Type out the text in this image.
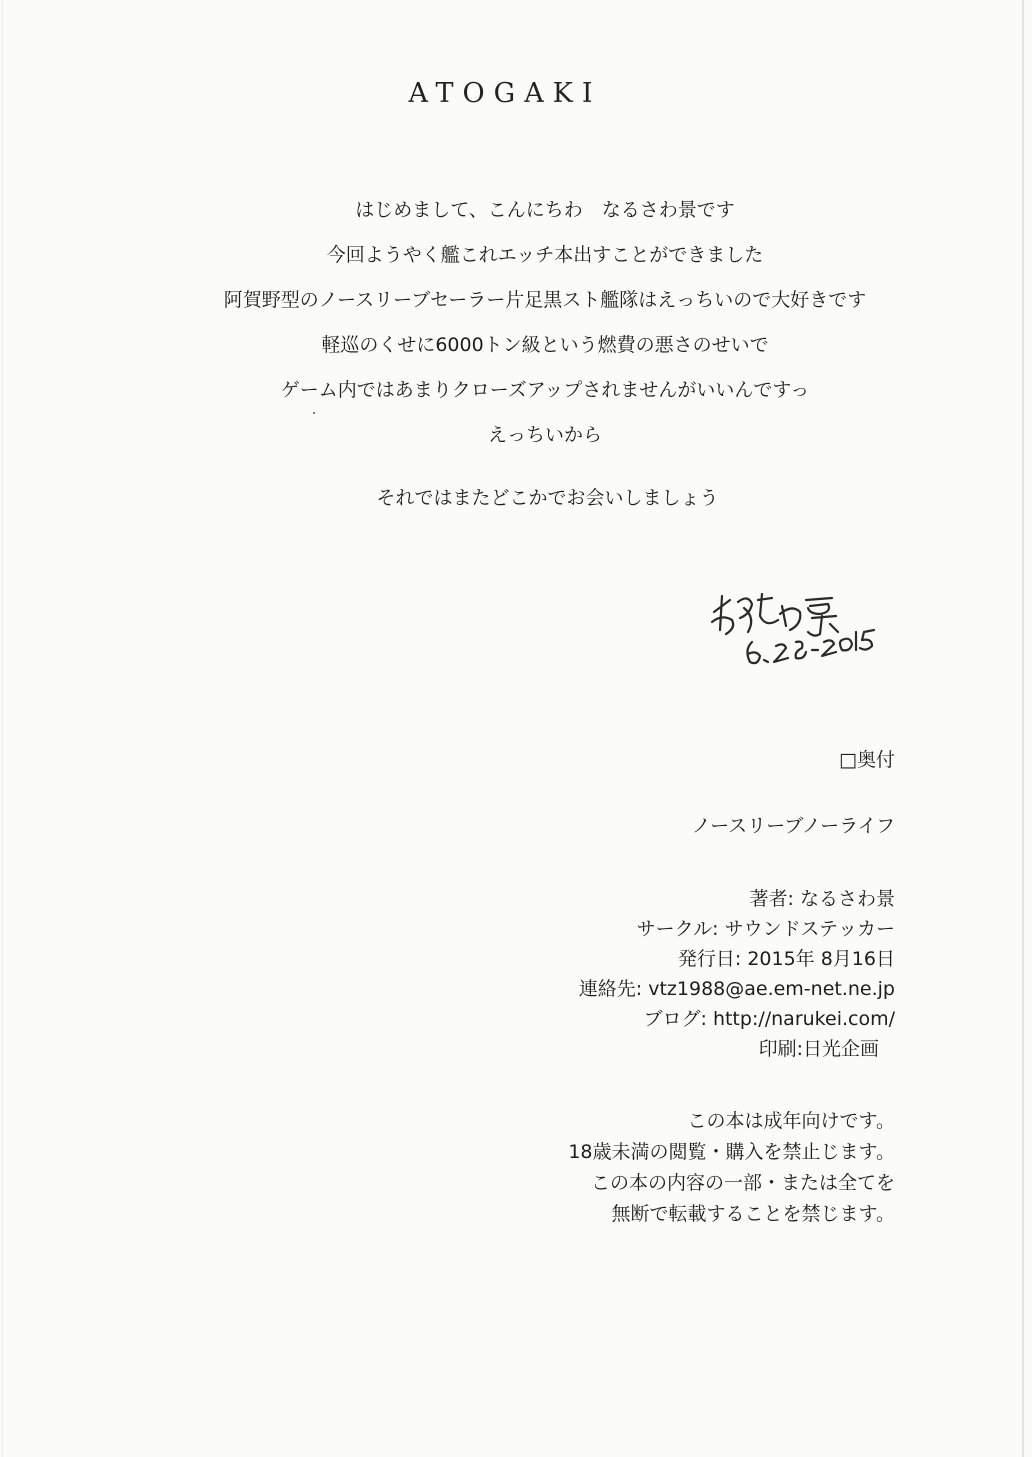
ATOGAKI
はじめまして、こんにちわ　なるさわ景です
今回ようやく艦これエッチ本出すことができました
阿賀野型のノースリーブセーラー片足黒スト艦隊はえっちいので大好きです
軽巡のくせに6000トン級という燃費の悪さのせいで
ゲーム内ではあまりクローズアップされませんがいいんですっ
えっちいから
それではまたどこかでお会いしましょう
□奥付
ノースリーブノーライフ
著者: なるさわ景
サークル: サウンドステッカー
発行日: 2015年 8月16日
連絡先: vtz1988@ae.em-net.ne.jp
ブログ: http://narukei.com/
印刷:日光企画
この本は成年向けです。
18歳未満の閲覧・購入を禁止じます。
この本の内容の一部・または全てを
無断で転載することを禁じます。
